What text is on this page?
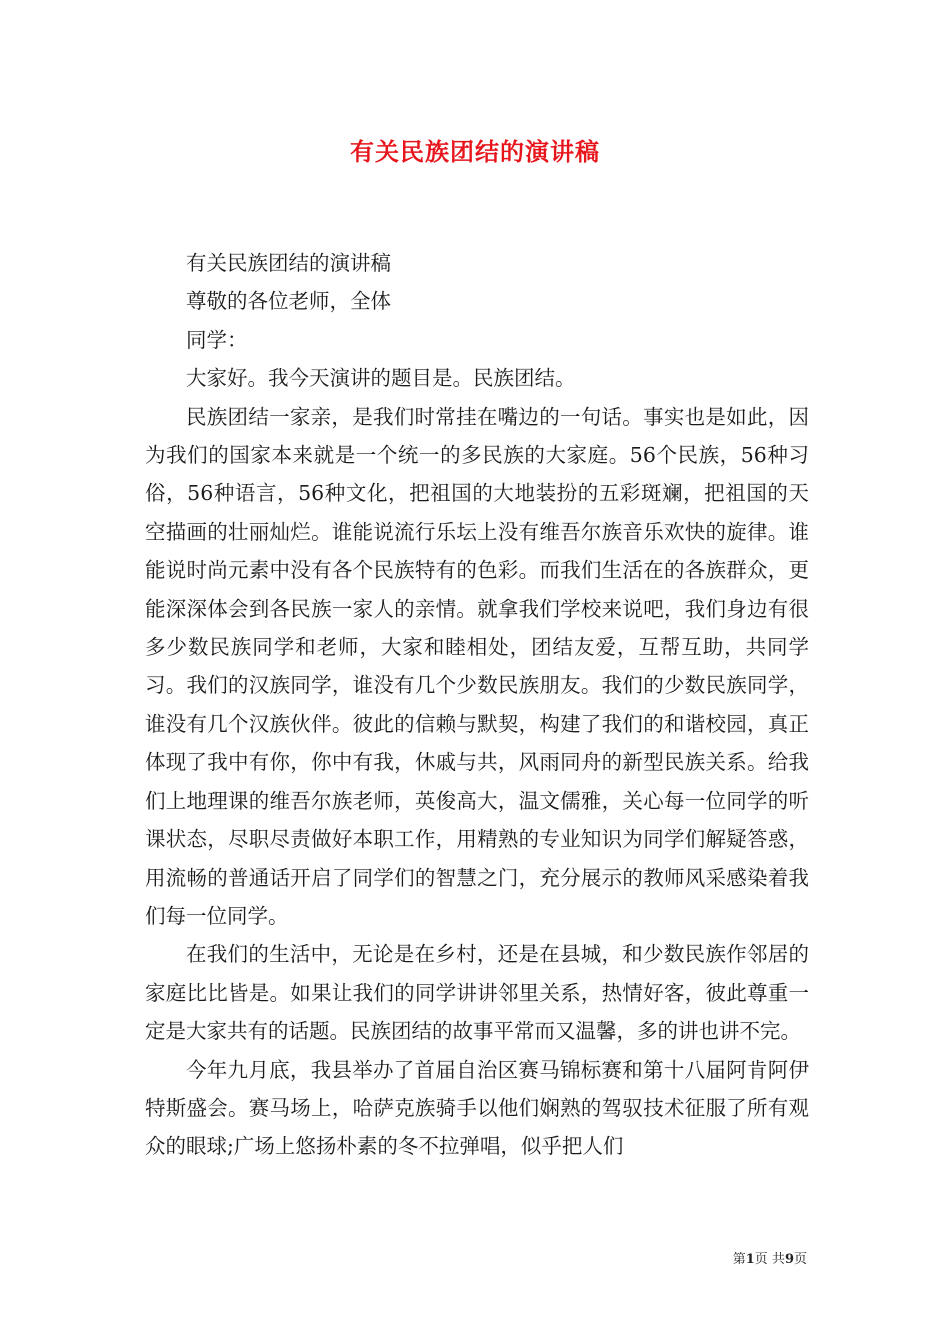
有关民族团结的演讲稿

有关民族团结的演讲稿

尊敬的各位老师，全体

同学：

大家好。我今天演讲的题目是。民族团结。

民族团结一家亲，是我们时常挂在嘴边的一句话。事实也是如此，因为我们的国家本来就是一个统一的多民族的大家庭。56个民族，56种习俗，56种语言，56种文化，把祖国的大地装扮的五彩斑斓，把祖国的天空描画的壮丽灿烂。谁能说流行乐坛上没有维吾尔族音乐欢快的旋律。谁能说时尚元素中没有各个民族特有的色彩。而我们生活在的各族群众，更能深深体会到各民族一家人的亲情。就拿我们学校来说吧，我们身边有很多少数民族同学和老师，大家和睦相处，团结友爱，互帮互助，共同学习。我们的汉族同学，谁没有几个少数民族朋友。我们的少数民族同学，谁没有几个汉族伙伴。彼此的信赖与默契，构建了我们的和谐校园，真正体现了我中有你，你中有我，休戚与共，风雨同舟的新型民族关系。给我们上地理课的维吾尔族老师，英俊高大，温文儒雅，关心每一位同学的听课状态，尽职尽责做好本职工作，用精熟的专业知识为同学们解疑答惑，用流畅的普通话开启了同学们的智慧之门，充分展示的教师风采感染着我们每一位同学。

在我们的生活中，无论是在乡村，还是在县城，和少数民族作邻居的家庭比比皆是。如果让我们的同学讲讲邻里关系，热情好客，彼此尊重一定是大家共有的话题。民族团结的故事平常而又温馨，多的讲也讲不完。

今年九月底，我县举办了首届自治区赛马锦标赛和第十八届阿肯阿伊特斯盛会。赛马场上，哈萨克族骑手以他们娴熟的驾驭技术征服了所有观众的眼球;广场上悠扬朴素的冬不拉弹唱，似乎把人们

第1页 共9页
